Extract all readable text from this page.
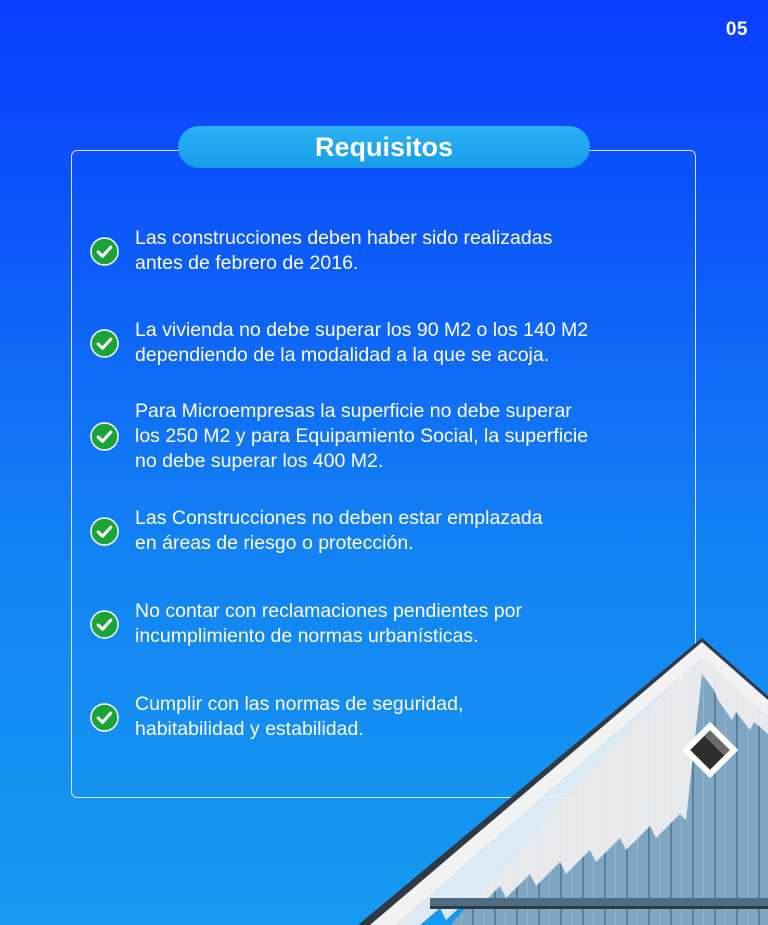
05
Requisitos
Las construcciones deben haber sido realizadas
antes de febrero de 2016.
La vivienda no debe superar los 90 M2 o los 140 M2
dependiendo de la modalidad a la que se acoja.
Para Microempresas la superficie no debe superar
los 250 M2 y para Equipamiento Social, la superficie
no debe superar los 400 M2.
Las Construcciones no deben estar emplazada
en áreas de riesgo o protección.
No contar con reclamaciones pendientes por
incumplimiento de normas urbanísticas.
Cumplir con las normas de seguridad,
habitabilidad y estabilidad.
